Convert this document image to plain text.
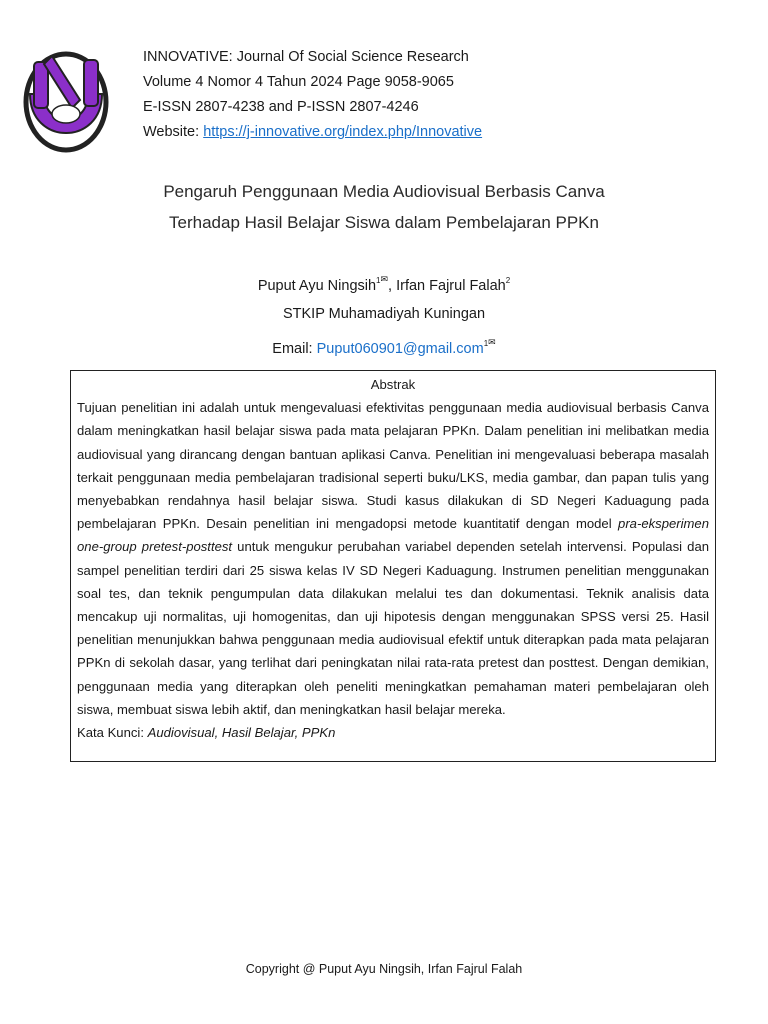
INNOVATIVE: Journal Of Social Science Research
Volume 4 Nomor 4 Tahun 2024 Page 9058-9065
E-ISSN 2807-4238 and P-ISSN 2807-4246
Website: https://j-innovative.org/index.php/Innovative
Pengaruh Penggunaan Media Audiovisual Berbasis Canva
Terhadap Hasil Belajar Siswa dalam Pembelajaran PPKn
Puput Ayu Ningsih$^{1✉}$, Irfan Fajrul Falah$^2$
STKIP Muhamadiyah Kuningan
Email: Puput060901@gmail.com$^{1✉}$
Abstrak
Tujuan penelitian ini adalah untuk mengevaluasi efektivitas penggunaan media audiovisual berbasis Canva dalam meningkatkan hasil belajar siswa pada mata pelajaran PPKn. Dalam penelitian ini melibatkan media audiovisual yang dirancang dengan bantuan aplikasi Canva. Penelitian ini mengevaluasi beberapa masalah terkait penggunaan media pembelajaran tradisional seperti buku/LKS, media gambar, dan papan tulis yang menyebabkan rendahnya hasil belajar siswa. Studi kasus dilakukan di SD Negeri Kaduagung pada pembelajaran PPKn. Desain penelitian ini mengadopsi metode kuantitatif dengan model pra-eksperimen one-group pretest-posttest untuk mengukur perubahan variabel dependen setelah intervensi. Populasi dan sampel penelitian terdiri dari 25 siswa kelas IV SD Negeri Kaduagung. Instrumen penelitian menggunakan soal tes, dan teknik pengumpulan data dilakukan melalui tes dan dokumentasi. Teknik analisis data mencakup uji normalitas, uji homogenitas, dan uji hipotesis dengan menggunakan SPSS versi 25. Hasil penelitian menunjukkan bahwa penggunaan media audiovisual efektif untuk diterapkan pada mata pelajaran PPKn di sekolah dasar, yang terlihat dari peningkatan nilai rata-rata pretest dan posttest. Dengan demikian, penggunaan media yang diterapkan oleh peneliti meningkatkan pemahaman materi pembelajaran oleh siswa, membuat siswa lebih aktif, dan meningkatkan hasil belajar mereka.
Kata Kunci: Audiovisual, Hasil Belajar, PPKn
Copyright @ Puput Ayu Ningsih, Irfan Fajrul Falah
